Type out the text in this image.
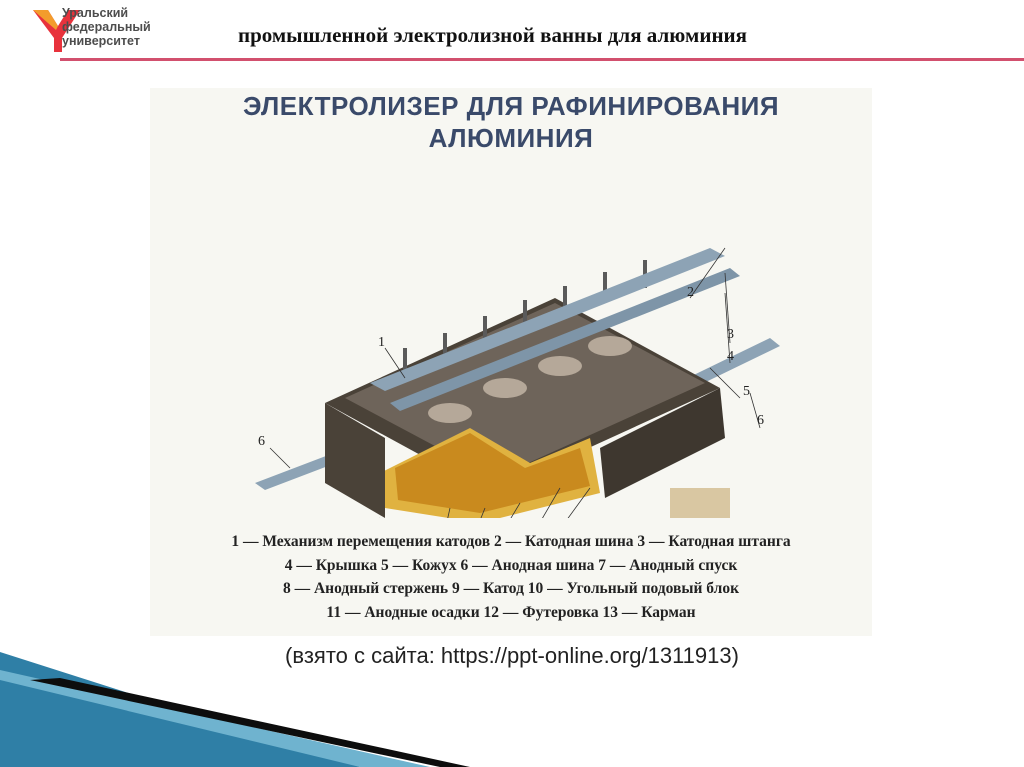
Уральский
федеральный
университет	промышленной электролизной ванны для алюминия
ЭЛЕКТРОЛИЗЕР ДЛЯ РАФИНИРОВАНИЯ
АЛЮМИНИЯ
1
2
3
4
5
6
6
1 — Механизм перемещения катодов 2 — Катодная шина 3 — Катодная штанга
4 — Крышка 5 — Кожух 6 — Анодная шина 7 — Анодный спуск
8 — Анодный стержень 9 — Катод 10 — Угольный подовый блок
11 — Анодные осадки 12 — Футеровка 13 — Карман
(взято с сайта: https://ppt-online.org/1311913)
